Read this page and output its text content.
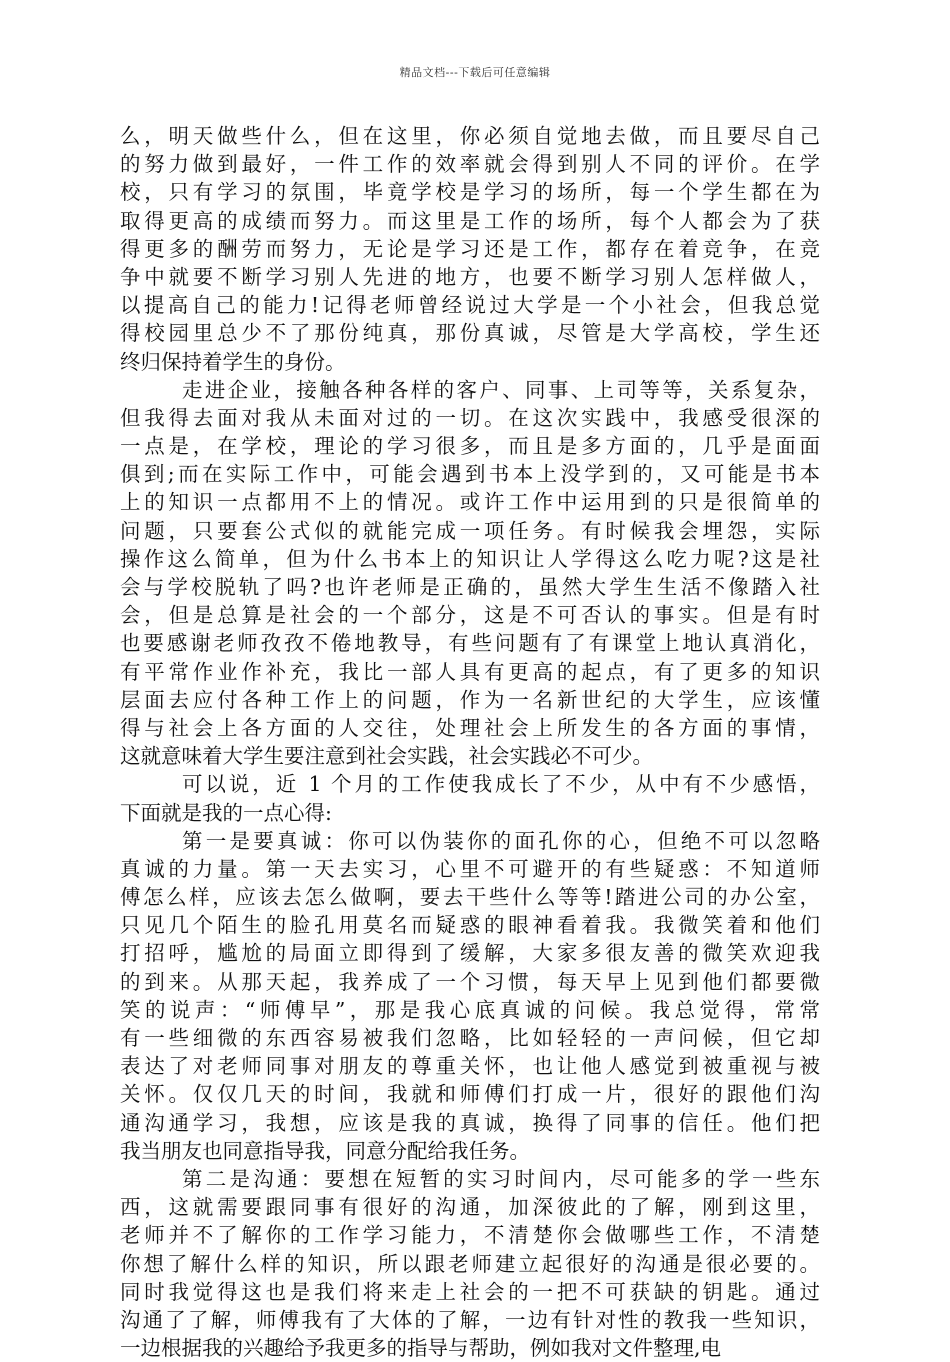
精品文档---下载后可任意编辑
么，明天做些什么，但在这里，你必须自觉地去做，而且要尽自己
的努力做到最好，一件工作的效率就会得到别人不同的评价。在学
校，只有学习的氛围，毕竟学校是学习的场所，每一个学生都在为
取得更高的成绩而努力。而这里是工作的场所，每个人都会为了获
得更多的酬劳而努力，无论是学习还是工作，都存在着竞争，在竞
争中就要不断学习别人先进的地方，也要不断学习别人怎样做人，
以提高自己的能力!记得老师曾经说过大学是一个小社会，但我总觉
得校园里总少不了那份纯真，那份真诚，尽管是大学高校，学生还
终归保持着学生的身份。
走进企业，接触各种各样的客户、同事、上司等等，关系复杂，
但我得去面对我从未面对过的一切。在这次实践中，我感受很深的
一点是，在学校，理论的学习很多，而且是多方面的，几乎是面面
俱到;而在实际工作中，可能会遇到书本上没学到的，又可能是书本
上的知识一点都用不上的情况。或许工作中运用到的只是很简单的
问题，只要套公式似的就能完成一项任务。有时候我会埋怨，实际
操作这么简单，但为什么书本上的知识让人学得这么吃力呢?这是社
会与学校脱轨了吗?也许老师是正确的，虽然大学生生活不像踏入社
会，但是总算是社会的一个部分，这是不可否认的事实。但是有时
也要感谢老师孜孜不倦地教导，有些问题有了有课堂上地认真消化，
有平常作业作补充，我比一部人具有更高的起点，有了更多的知识
层面去应付各种工作上的问题，作为一名新世纪的大学生，应该懂
得与社会上各方面的人交往，处理社会上所发生的各方面的事情，
这就意味着大学生要注意到社会实践，社会实践必不可少。
可以说，近 1 个月的工作使我成长了不少，从中有不少感悟，
下面就是我的一点心得:
第一是要真诚：你可以伪装你的面孔你的心，但绝不可以忽略
真诚的力量。第一天去实习，心里不可避开的有些疑惑：不知道师
傅怎么样，应该去怎么做啊，要去干些什么等等!踏进公司的办公室，
只见几个陌生的脸孔用莫名而疑惑的眼神看着我。我微笑着和他们
打招呼，尴尬的局面立即得到了缓解，大家多很友善的微笑欢迎我
的到来。从那天起，我养成了一个习惯，每天早上见到他们都要微
笑的说声：“师傅早”，那是我心底真诚的问候。我总觉得，常常
有一些细微的东西容易被我们忽略，比如轻轻的一声问候，但它却
表达了对老师同事对朋友的尊重关怀，也让他人感觉到被重视与被
关怀。仅仅几天的时间，我就和师傅们打成一片，很好的跟他们沟
通沟通学习，我想，应该是我的真诚，换得了同事的信任。他们把
我当朋友也同意指导我，同意分配给我任务。
第二是沟通：要想在短暂的实习时间内，尽可能多的学一些东
西，这就需要跟同事有很好的沟通，加深彼此的了解，刚到这里，
老师并不了解你的工作学习能力，不清楚你会做哪些工作，不清楚
你想了解什么样的知识，所以跟老师建立起很好的沟通是很必要的。
同时我觉得这也是我们将来走上社会的一把不可获缺的钥匙。通过
沟通了了解，师傅我有了大体的了解，一边有针对性的教我一些知识，
一边根据我的兴趣给予我更多的指导与帮助，例如我对文件整理,电
